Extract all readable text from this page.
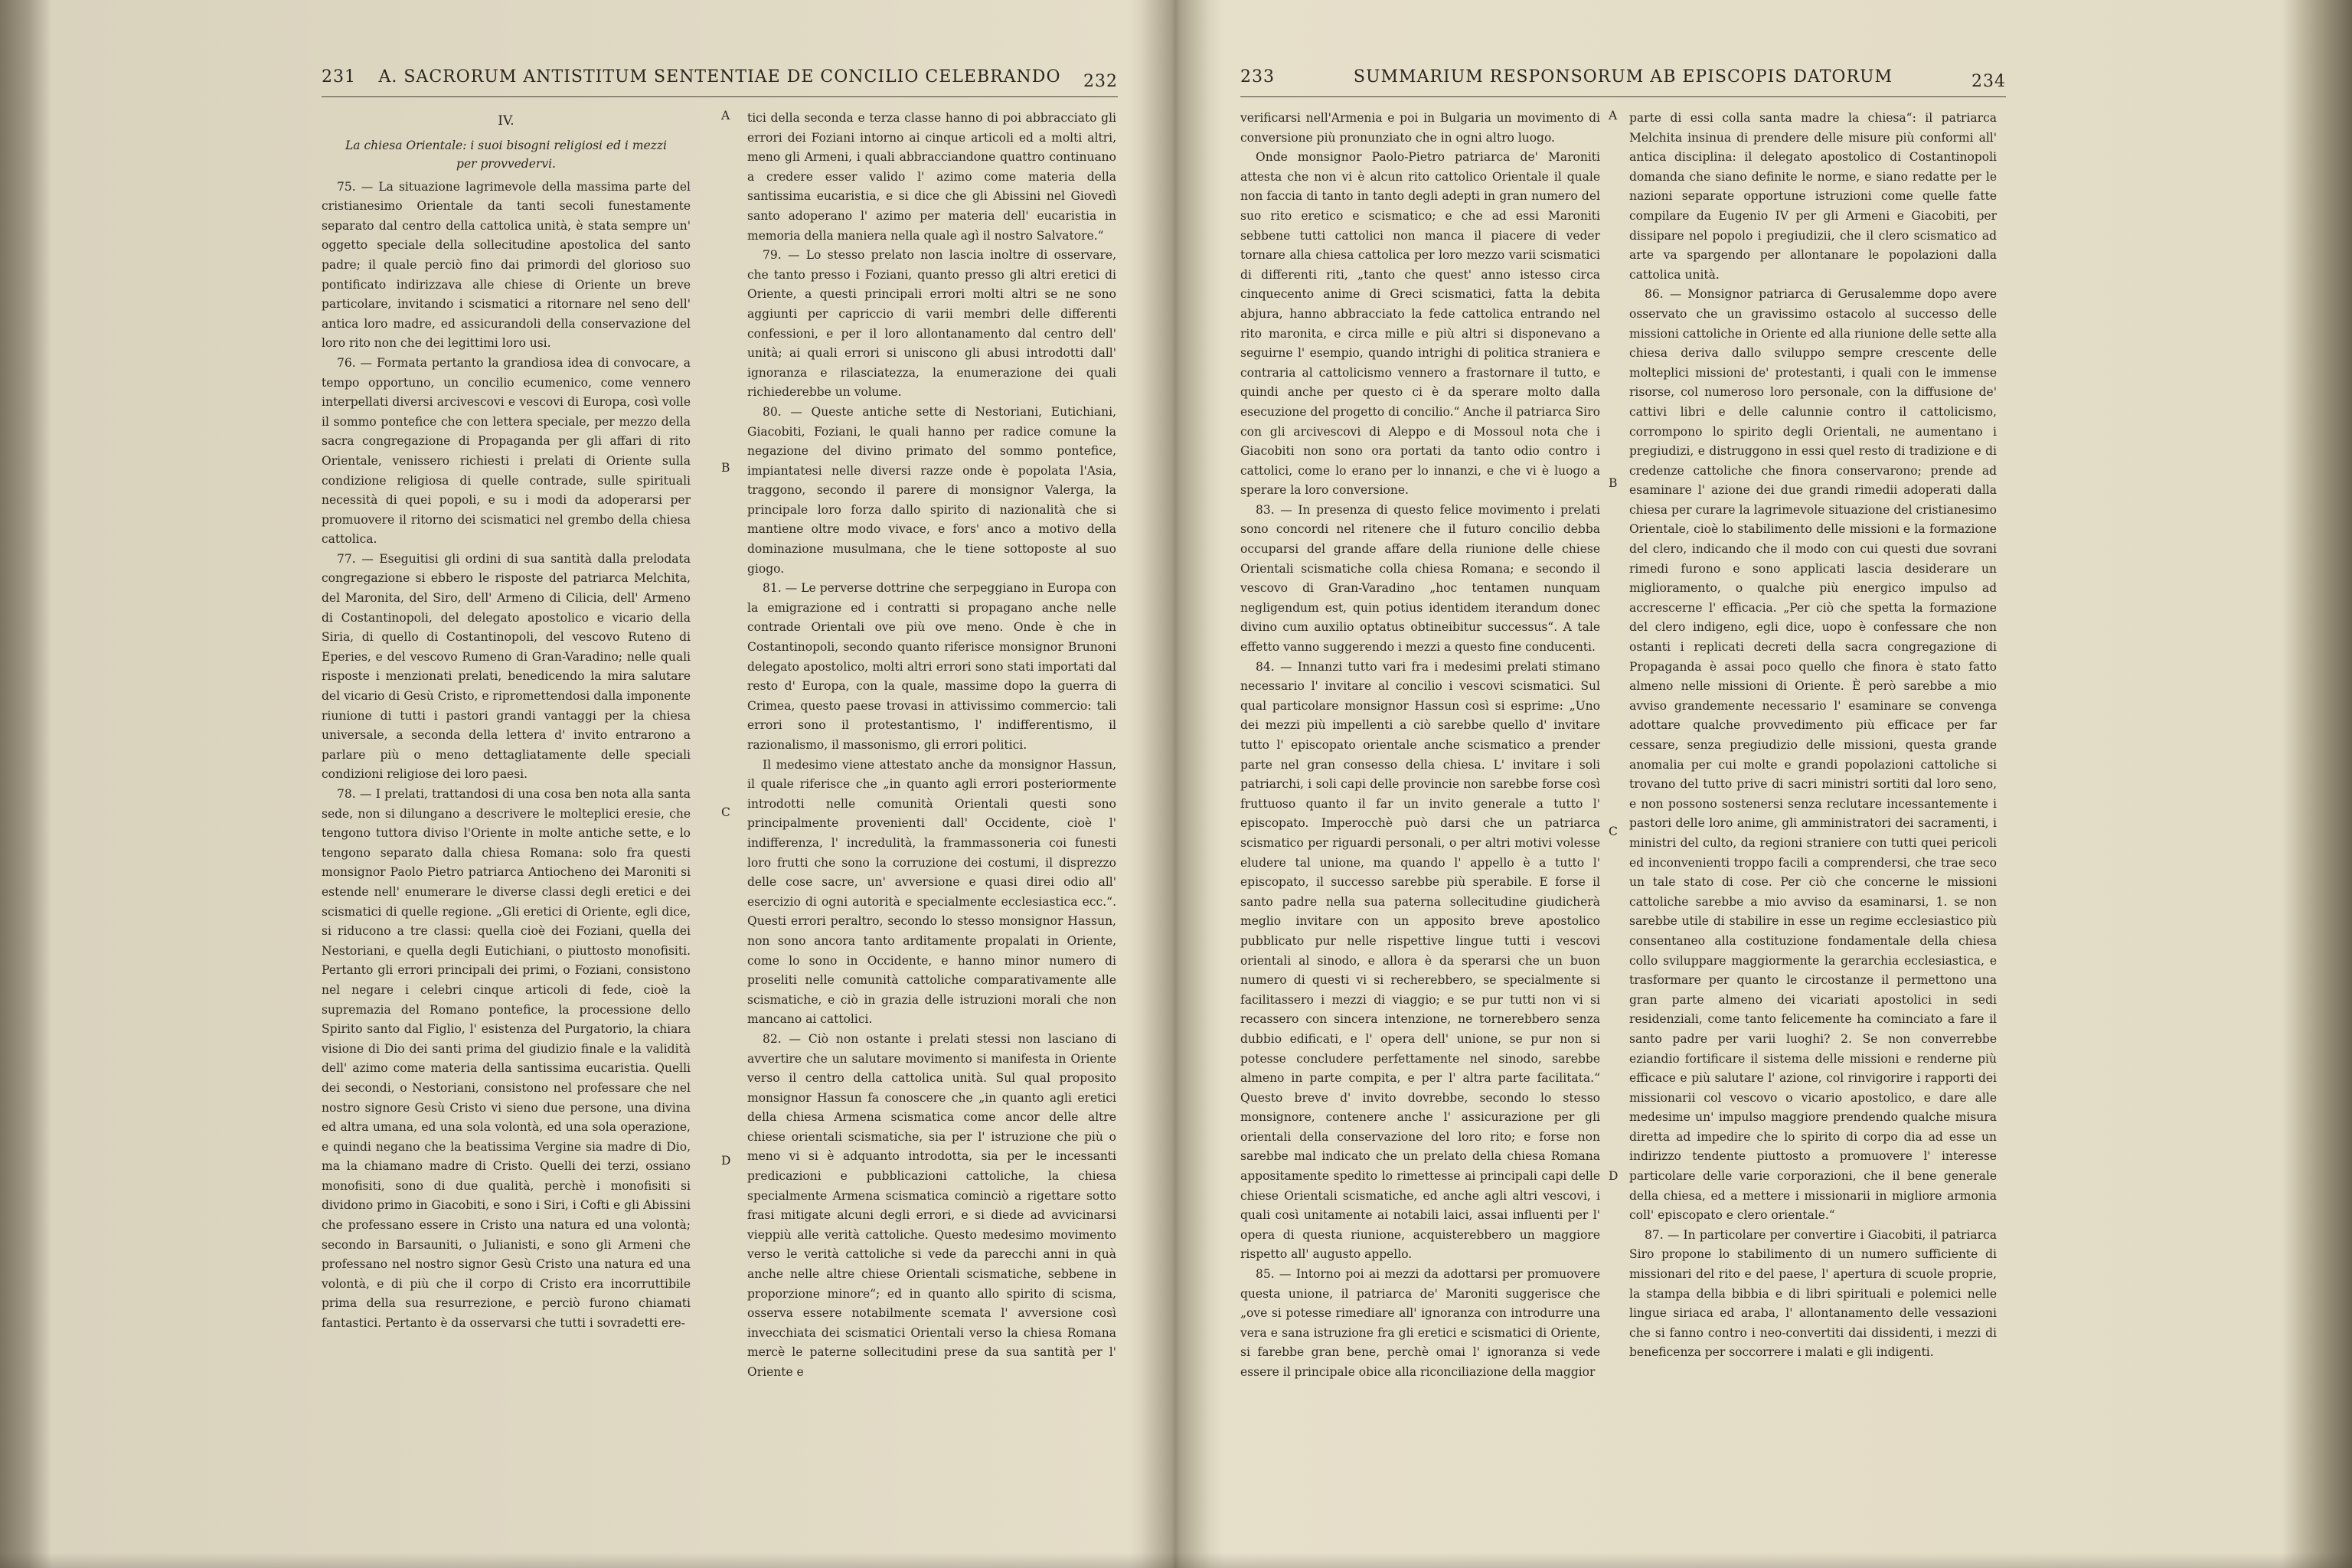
231	A. SACRORUM ANTISTITUM SENTENTIAE DE CONCILIO CELEBRANDO	232
IV.
La chiesa Orientale: i suoi bisogni religiosi ed i mezzi per provvedervi.

75. — La situazione lagrimevole della massima parte del cristianesimo Orientale da tanti secoli funestamente separato dal centro della cattolica unità, è stata sempre un' oggetto speciale della sollecitudine apostolica del santo padre; il quale perciò fino dai primordi del glorioso suo pontificato indirizzava alle chiese di Oriente un breve particolare, invitando i scismatici a ritornare nel seno dell' antica loro madre, ed assicurandoli della conservazione del loro rito non che dei legittimi loro usi.

76. — Formata pertanto la grandiosa idea di convocare, a tempo opportuno, un concilio ecumenico, come vennero interpellati diversi arcivescovi e vescovi di Europa, così volle il sommo pontefice che con lettera speciale, per mezzo della sacra congregazione di Propaganda per gli affari di rito Orientale, venissero richiesti i prelati di Oriente sulla condizione religiosa di quelle contrade, sulle spirituali necessità di quei popoli, e su i modi da adoperarsi per promuovere il ritorno dei scismatici nel grembo della chiesa cattolica.

77. — Eseguitisi gli ordini di sua santità dalla prelodata congregazione si ebbero le risposte del patriarca Melchita, del Maronita, del Siro, dell' Armeno di Cilicia, dell' Armeno di Costantinopoli, del delegato apostolico e vicario della Siria, di quello di Costantinopoli, del vescovo Ruteno di Eperies, e del vescovo Rumeno di Gran-Varadino; nelle quali risposte i menzionati prelati, benedicendo la mira salutare del vicario di Gesù Cristo, e ripromettendosi dalla imponente riunione di tutti i pastori grandi vantaggi per la chiesa universale, a seconda della lettera d' invito entrarono a parlare più o meno dettagliatamente delle speciali condizioni religiose dei loro paesi.

78. — I prelati, trattandosi di una cosa ben nota alla santa sede, non si dilungano a descrivere le molteplici eresie, che tengono tuttora diviso l'Oriente in molte antiche sette, e lo tengono separato dalla chiesa Romana: solo fra questi monsignor Paolo Pietro patriarca Antiocheno dei Maroniti si estende nell' enumerare le diverse classi degli eretici e dei scismatici di quelle regione. „Gli eretici di Oriente, egli dice, si riducono a tre classi: quella cioè dei Foziani, quella dei Nestoriani, e quella degli Eutichiani, o piuttosto monofisiti. Pertanto gli errori principali dei primi, o Foziani, consistono nel negare i celebri cinque articoli di fede, cioè la supremazia del Romano pontefice, la processione dello Spirito santo dal Figlio, l' esistenza del Purgatorio, la chiara visione di Dio dei santi prima del giudizio finale e la validità dell' azimo come materia della santissima eucaristia. Quelli dei secondi, o Nestoriani, consistono nel professare che nel nostro signore Gesù Cristo vi sieno due persone, una divina ed altra umana, ed una sola volontà, ed una sola operazione, e quindi negano che la beatissima Vergine sia madre di Dio, ma la chiamano madre di Cristo. Quelli dei terzi, ossiano monofisiti, sono di due qualità, perchè i monofisiti si dividono primo in Giacobiti, e sono i Siri, i Cofti e gli Abissini che professano essere in Cristo una natura ed una volontà; secondo in Barsauniti, o Julianisti, e sono gli Armeni che professano nel nostro signor Gesù Cristo una natura ed una volontà, e di più che il corpo di Cristo era incorruttibile prima della sua resurrezione, e perciò furono chiamati fantastici. Pertanto è da osservarsi che tutti i sovradetti ere-

A
B
C
D

tici della seconda e terza classe hanno di poi abbracciato gli errori dei Foziani intorno ai cinque articoli ed a molti altri, meno gli Armeni, i quali abbracciandone quattro continuano a credere esser valido l' azimo come materia della santissima eucaristia, e si dice che gli Abissini nel Giovedì santo adoperano l' azimo per materia dell' eucaristia in memoria della maniera nella quale agì il nostro Salvatore.“

79. — Lo stesso prelato non lascia inoltre di osservare, che tanto presso i Foziani, quanto presso gli altri eretici di Oriente, a questi principali errori molti altri se ne sono aggiunti per capriccio di varii membri delle differenti confessioni, e per il loro allontanamento dal centro dell' unità; ai quali errori si uniscono gli abusi introdotti dall' ignoranza e rilasciatezza, la enumerazione dei quali richiederebbe un volume.

80. — Queste antiche sette di Nestoriani, Eutichiani, Giacobiti, Foziani, le quali hanno per radice comune la negazione del divino primato del sommo pontefice, impiantatesi nelle diversi razze onde è popolata l'Asia, traggono, secondo il parere di monsignor Valerga, la principale loro forza dallo spirito di nazionalità che si mantiene oltre modo vivace, e fors' anco a motivo della dominazione musulmana, che le tiene sottoposte al suo giogo.

81. — Le perverse dottrine che serpeggiano in Europa con la emigrazione ed i contratti si propagano anche nelle contrade Orientali ove più ove meno. Onde è che in Costantinopoli, secondo quanto riferisce monsignor Brunoni delegato apostolico, molti altri errori sono stati importati dal resto d' Europa, con la quale, massime dopo la guerra di Crimea, questo paese trovasi in attivissimo commercio: tali errori sono il protestantismo, l' indifferentismo, il razionalismo, il massonismo, gli errori politici.

Il medesimo viene attestato anche da monsignor Hassun, il quale riferisce che „in quanto agli errori posteriormente introdotti nelle comunità Orientali questi sono principalmente provenienti dall' Occidente, cioè l' indifferenza, l' incredulità, la frammassoneria coi funesti loro frutti che sono la corruzione dei costumi, il disprezzo delle cose sacre, un' avversione e quasi direi odio all' esercizio di ogni autorità e specialmente ecclesiastica ecc.“. Questi errori peraltro, secondo lo stesso monsignor Hassun, non sono ancora tanto arditamente propalati in Oriente, come lo sono in Occidente, e hanno minor numero di proseliti nelle comunità cattoliche comparativamente alle scismatiche, e ciò in grazia delle istruzioni morali che non mancano ai cattolici.

82. — Ciò non ostante i prelati stessi non lasciano di avvertire che un salutare movimento si manifesta in Oriente verso il centro della cattolica unità. Sul qual proposito monsignor Hassun fa conoscere che „in quanto agli eretici della chiesa Armena scismatica come ancor delle altre chiese orientali scismatiche, sia per l' istruzione che più o meno vi si è adquanto introdotta, sia per le incessanti predicazioni e pubblicazioni cattoliche, la chiesa specialmente Armena scismatica cominciò a rigettare sotto frasi mitigate alcuni degli errori, e si diede ad avvicinarsi vieppiù alle verità cattoliche. Questo medesimo movimento verso le verità cattoliche si vede da parecchi anni in quà anche nelle altre chiese Orientali scismatiche, sebbene in proporzione minore“; ed in quanto allo spirito di scisma, osserva essere notabilmente scemata l' avversione così invecchiata dei scismatici Orientali verso la chiesa Romana mercè le paterne sollecitudini prese da sua santità per l' Oriente e

233	SUMMARIUM RESPONSORUM AB EPISCOPIS DATORUM	234

verificarsi nell'Armenia e poi in Bulgaria un movimento di conversione più pronunziato che in ogni altro luogo.

Onde monsignor Paolo-Pietro patriarca de' Maroniti attesta che non vi è alcun rito cattolico Orientale il quale non faccia di tanto in tanto degli adepti in gran numero del suo rito eretico e scismatico; e che ad essi Maroniti sebbene tutti cattolici non manca il piacere di veder tornare alla chiesa cattolica per loro mezzo varii scismatici di differenti riti, „tanto che quest' anno istesso circa cinquecento anime di Greci scismatici, fatta la debita abjura, hanno abbracciato la fede cattolica entrando nel rito maronita, e circa mille e più altri si disponevano a seguirne l' esempio, quando intrighi di politica straniera e contraria al cattolicismo vennero a frastornare il tutto, e quindi anche per questo ci è da sperare molto dalla esecuzione del progetto di concilio.“ Anche il patriarca Siro con gli arcivescovi di Aleppo e di Mossoul nota che i Giacobiti non sono ora portati da tanto odio contro i cattolici, come lo erano per lo innanzi, e che vi è luogo a sperare la loro conversione.

83. — In presenza di questo felice movimento i prelati sono concordi nel ritenere che il futuro concilio debba occuparsi del grande affare della riunione delle chiese Orientali scismatiche colla chiesa Romana; e secondo il vescovo di Gran-Varadino „hoc tentamen nunquam negligendum est, quin potius identidem iterandum donec divino cum auxilio optatus obtineibitur successus“. A tale effetto vanno suggerendo i mezzi a questo fine conducenti.

84. — Innanzi tutto vari fra i medesimi prelati stimano necessario l' invitare al concilio i vescovi scismatici. Sul qual particolare monsignor Hassun così si esprime: „Uno dei mezzi più impellenti a ciò sarebbe quello d' invitare tutto l' episcopato orientale anche scismatico a prender parte nel gran consesso della chiesa. L' invitare i soli patriarchi, i soli capi delle provincie non sarebbe forse così fruttuoso quanto il far un invito generale a tutto l' episcopato. Imperocchè può darsi che un patriarca scismatico per riguardi personali, o per altri motivi volesse eludere tal unione, ma quando l' appello è a tutto l' episcopato, il successo sarebbe più sperabile. E forse il santo padre nella sua paterna sollecitudine giudicherà meglio invitare con un apposito breve apostolico pubblicato pur nelle rispettive lingue tutti i vescovi orientali al sinodo, e allora è da sperarsi che un buon numero di questi vi si recherebbero, se specialmente si facilitassero i mezzi di viaggio; e se pur tutti non vi si recassero con sincera intenzione, ne tornerebbero senza dubbio edificati, e l' opera dell' unione, se pur non si potesse concludere perfettamente nel sinodo, sarebbe almeno in parte compita, e per l' altra parte facilitata.“ Questo breve d' invito dovrebbe, secondo lo stesso monsignore, contenere anche l' assicurazione per gli orientali della conservazione del loro rito; e forse non sarebbe mal indicato che un prelato della chiesa Romana appositamente spedito lo rimettesse ai principali capi delle chiese Orientali scismatiche, ed anche agli altri vescovi, i quali così unitamente ai notabili laici, assai influenti per l' opera di questa riunione, acquisterebbero un maggiore rispetto all' augusto appello.

85. — Intorno poi ai mezzi da adottarsi per promuovere questa unione, il patriarca de' Maroniti suggerisce che „ove si potesse rimediare all' ignoranza con introdurre una vera e sana istruzione fra gli eretici e scismatici di Oriente, si farebbe gran bene, perchè omai l' ignoranza si vede essere il principale obice alla riconciliazione della maggior

A
B
C
D

parte di essi colla santa madre la chiesa“: il patriarca Melchita insinua di prendere delle misure più conformi all' antica disciplina: il delegato apostolico di Costantinopoli domanda che siano definite le norme, e siano redatte per le nazioni separate opportune istruzioni come quelle fatte compilare da Eugenio IV per gli Armeni e Giacobiti, per dissipare nel popolo i pregiudizii, che il clero scismatico ad arte va spargendo per allontanare le popolazioni dalla cattolica unità.

86. — Monsignor patriarca di Gerusalemme dopo avere osservato che un gravissimo ostacolo al successo delle missioni cattoliche in Oriente ed alla riunione delle sette alla chiesa deriva dallo sviluppo sempre crescente delle molteplici missioni de' protestanti, i quali con le immense risorse, col numeroso loro personale, con la diffusione de' cattivi libri e delle calunnie contro il cattolicismo, corrompono lo spirito degli Orientali, ne aumentano i pregiudizi, e distruggono in essi quel resto di tradizione e di credenze cattoliche che finora conservarono; prende ad esaminare l' azione dei due grandi rimedii adoperati dalla chiesa per curare la lagrimevole situazione del cristianesimo Orientale, cioè lo stabilimento delle missioni e la formazione del clero, indicando che il modo con cui questi due sovrani rimedi furono e sono applicati lascia desiderare un miglioramento, o qualche più energico impulso ad accrescerne l' efficacia. „Per ciò che spetta la formazione del clero indigeno, egli dice, uopo è confessare che non ostanti i replicati decreti della sacra congregazione di Propaganda è assai poco quello che finora è stato fatto almeno nelle missioni di Oriente. È però sarebbe a mio avviso grandemente necessario l' esaminare se convenga adottare qualche provvedimento più efficace per far cessare, senza pregiudizio delle missioni, questa grande anomalia per cui molte e grandi popolazioni cattoliche si trovano del tutto prive di sacri ministri sortiti dal loro seno, e non possono sostenersi senza reclutare incessantemente i pastori delle loro anime, gli amministratori dei sacramenti, i ministri del culto, da regioni straniere con tutti quei pericoli ed inconvenienti troppo facili a comprendersi, che trae seco un tale stato di cose. Per ciò che concerne le missioni cattoliche sarebbe a mio avviso da esaminarsi, 1. se non sarebbe utile di stabilire in esse un regime ecclesiastico più consentaneo alla costituzione fondamentale della chiesa collo sviluppare maggiormente la gerarchia ecclesiastica, e trasformare per quanto le circostanze il permettono una gran parte almeno dei vicariati apostolici in sedi residenziali, come tanto felicemente ha cominciato a fare il santo padre per varii luoghi? 2. Se non converrebbe eziandio fortificare il sistema delle missioni e renderne più efficace e più salutare l' azione, col rinvigorire i rapporti dei missionarii col vescovo o vicario apostolico, e dare alle medesime un' impulso maggiore prendendo qualche misura diretta ad impedire che lo spirito di corpo dia ad esse un indirizzo tendente piuttosto a promuovere l' interesse particolare delle varie corporazioni, che il bene generale della chiesa, ed a mettere i missionarii in migliore armonia coll' episcopato e clero orientale.“

87. — In particolare per convertire i Giacobiti, il patriarca Siro propone lo stabilimento di un numero sufficiente di missionari del rito e del paese, l' apertura di scuole proprie, la stampa della bibbia e di libri spirituali e polemici nelle lingue siriaca ed araba, l' allontanamento delle vessazioni che si fanno contro i neo-convertiti dai dissidenti, i mezzi di beneficenza per soccorrere i malati e gli indigenti.
